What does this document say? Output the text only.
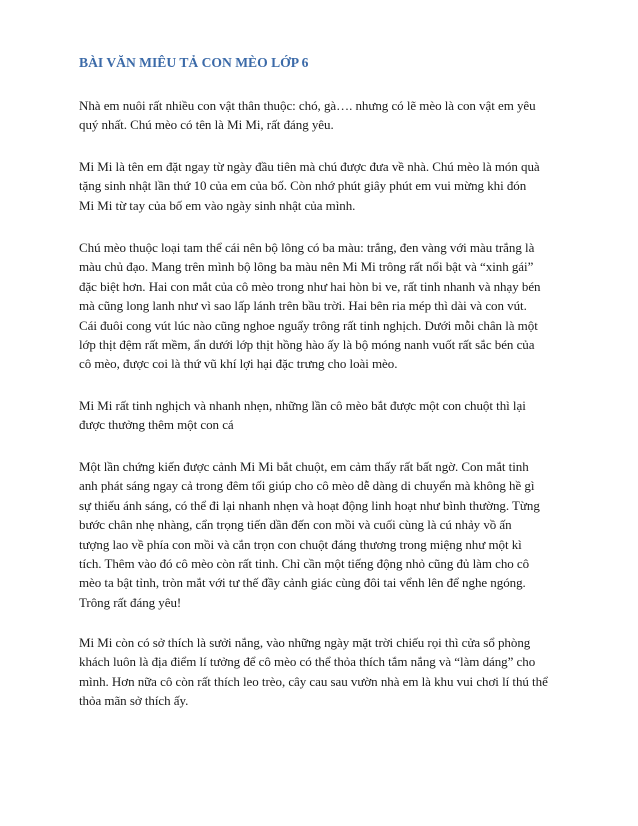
BÀI VĂN MIÊU TẢ CON MÈO LỚP 6

Nhà em nuôi rất nhiều con vật thân thuộc: chó, gà…. nhưng có lẽ mèo là con vật em yêu
quý nhất. Chú mèo có tên là Mi Mi, rất đáng yêu.

Mi Mi là tên em đặt ngay từ ngày đầu tiên mà chú được đưa về nhà. Chú mèo là món quà
tặng sinh nhật lần thứ 10 của em của bố. Còn nhớ phút giây phút em vui mừng khi đón
Mi Mi từ tay của bố em vào ngày sinh nhật của mình.

Chú mèo thuộc loại tam thể cái nên bộ lông có ba màu: trắng, đen vàng với màu trắng là
màu chủ đạo. Mang trên mình bộ lông ba màu nên Mi Mi trông rất nổi bật và “xinh gái”
đặc biệt hơn. Hai con mắt của cô mèo trong như hai hòn bi ve, rất tinh nhanh và nhạy bén
mà cũng long lanh như vì sao lấp lánh trên bầu trời. Hai bên ria mép thì dài và con vút.
Cái đuôi cong vút lúc nào cũng nghoe nguẩy trông rất tinh nghịch. Dưới mỗi chân là một
lớp thịt đệm rất mềm, ẩn dưới lớp thịt hồng hào ấy là bộ móng nanh vuốt rất sắc bén của
cô mèo, được coi là thứ vũ khí lợi hại đặc trưng cho loài mèo.

Mi Mi rất tinh nghịch và nhanh nhẹn, những lần cô mèo bắt được một con chuột thì lại
được thưởng thêm một con cá

Một lần chứng kiến được cảnh Mi Mi bắt chuột, em cảm thấy rất bất ngờ. Con mắt tinh
anh phát sáng ngay cả trong đêm tối giúp cho cô mèo dễ dàng di chuyển mà không hề gì
sự thiếu ánh sáng, có thể đi lại nhanh nhẹn và hoạt động linh hoạt như bình thường. Từng
bước chân nhẹ nhàng, cẩn trọng tiến dần đến con mồi và cuối cùng là cú nhảy vồ ấn
tượng lao về phía con mồi và cắn trọn con chuột đáng thương trong miệng như một kì
tích. Thêm vào đó cô mèo còn rất tinh. Chỉ cần một tiếng động nhỏ cũng đủ làm cho cô
mèo ta bật tỉnh, tròn mắt với tư thế đầy cảnh giác cùng đôi tai vểnh lên để nghe ngóng.
Trông rất đáng yêu!

Mi Mi còn có sở thích là sưởi nắng, vào những ngày mặt trời chiếu rọi thì cửa sổ phòng
khách luôn là địa điểm lí tưởng để cô mèo có thể thỏa thích tắm nắng và “làm dáng” cho
mình. Hơn nữa cô còn rất thích leo trèo, cây cau sau vườn nhà em là khu vui chơi lí thú thể
thỏa mãn sở thích ấy.
